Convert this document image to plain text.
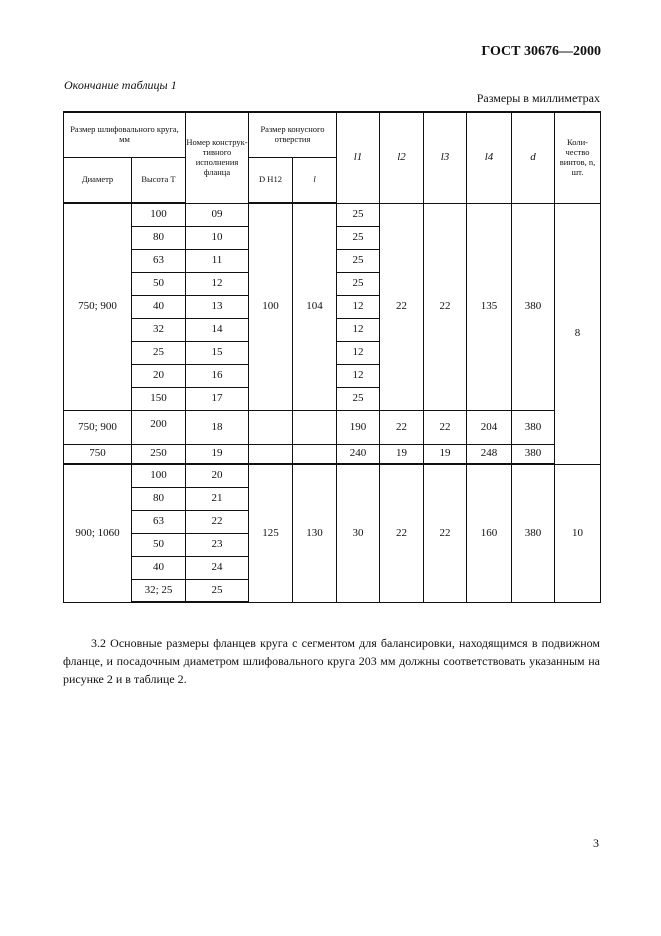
ГОСТ 30676—2000
Окончание таблицы 1
Размеры в миллиметрах
Размер шлифовального круга, мм		Номер конструк- тивного исполнения фланца	Размер конусного отверстия		l1	l2	l3	l4	d	Коли- чество винтов, n, шт.
Диаметр	Высота T		D H12	l						
750; 900	100	09	100	104	25	22	22	135	380	8
	80	10			25					
	63	11			25					
	50	12			25					
	40	13			12					
	32	14			12					
	25	15			12					
	20	16			12					
	150	17			25					
750; 900	200	18			190	22	22	204	380	
750	250	19			240	19	19	248	380	
900; 1060	100	20	125	130	30	22	22	160	380	10
	80	21								
	63	22								
	50	23								
	40	24								
	32; 25	25								
3.2 Основные размеры фланцев круга с сегментом для балансировки, находящимся в подвижном фланце, и посадочным диаметром шлифовального круга 203 мм должны соответствовать указанным на рисунке 2 и в таблице 2.
3
